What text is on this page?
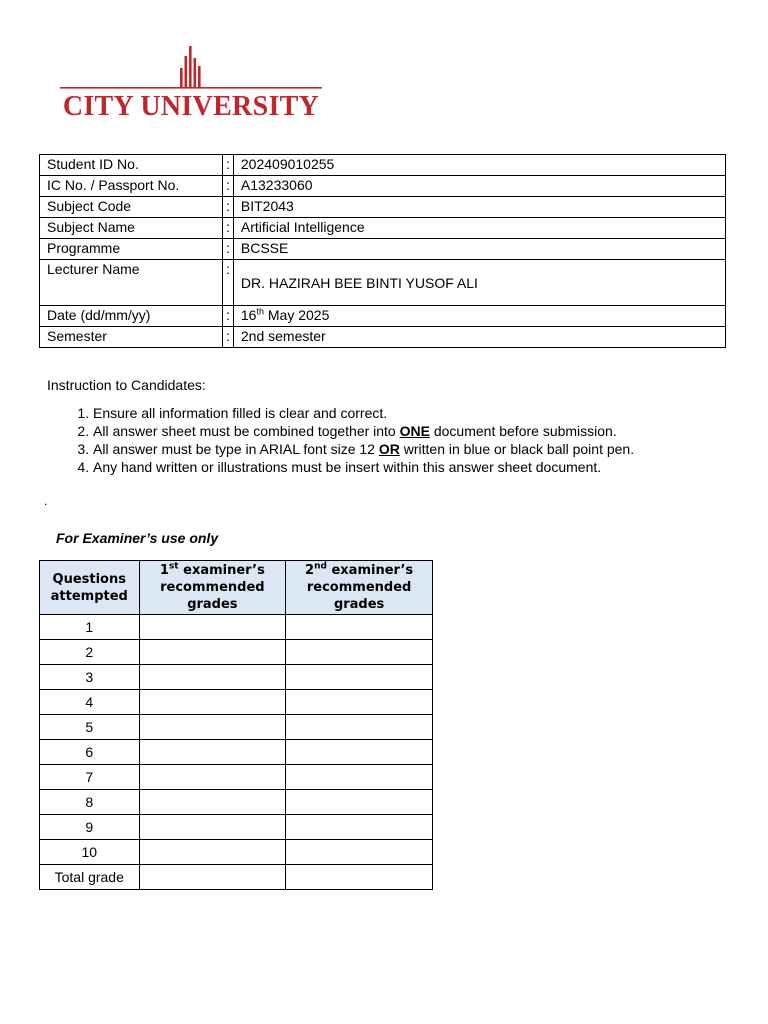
CITY UNIVERSITY
Student ID No.	:	202409010255
IC No. / Passport No.	:	A13233060
Subject Code	:	BIT2043
Subject Name	:	Artificial Intelligence
Programme	:	BCSSE
Lecturer Name	:	DR. HAZIRAH BEE BINTI YUSOF ALI
Date (dd/mm/yy)	:	16th May 2025
Semester	:	2nd semester
Instruction to Candidates:
1. Ensure all information filled is clear and correct.
2. All answer sheet must be combined together into ONE document before submission.
3. All answer must be type in ARIAL font size 12 OR written in blue or black ball point pen.
4. Any hand written or illustrations must be insert within this answer sheet document.
.
For Examiner’s use only
Questions attempted	1st examiner’s recommended grades	2nd examiner’s recommended grades
1		
2		
3		
4		
5		
6		
7		
8		
9		
10		
Total grade		
